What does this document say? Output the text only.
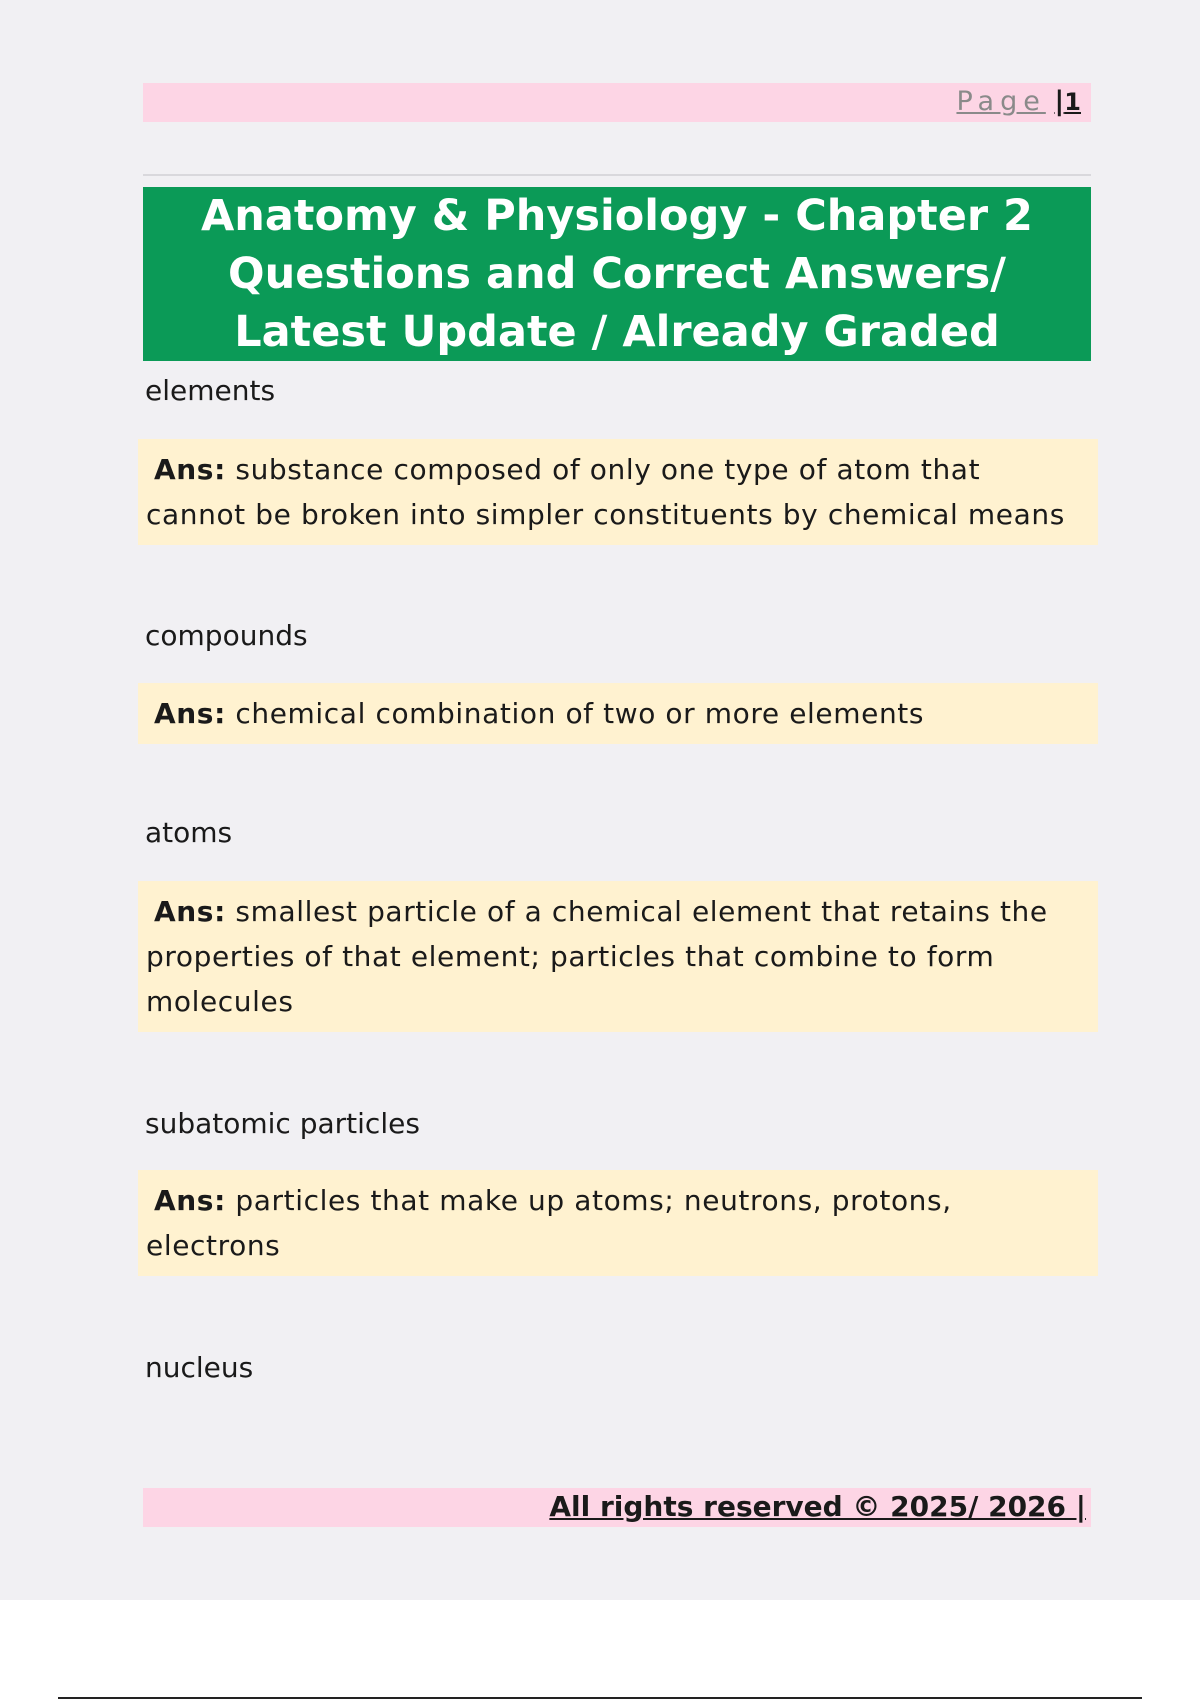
Page |1
Anatomy & Physiology - Chapter 2 Questions and Correct Answers/ Latest Update / Already Graded
elements
Ans: substance composed of only one type of atom that cannot be broken into simpler constituents by chemical means
compounds
Ans: chemical combination of two or more elements
atoms
Ans: smallest particle of a chemical element that retains the properties of that element; particles that combine to form molecules
subatomic particles
Ans: particles that make up atoms; neutrons, protons, electrons
nucleus
All rights reserved © 2025/ 2026 |
